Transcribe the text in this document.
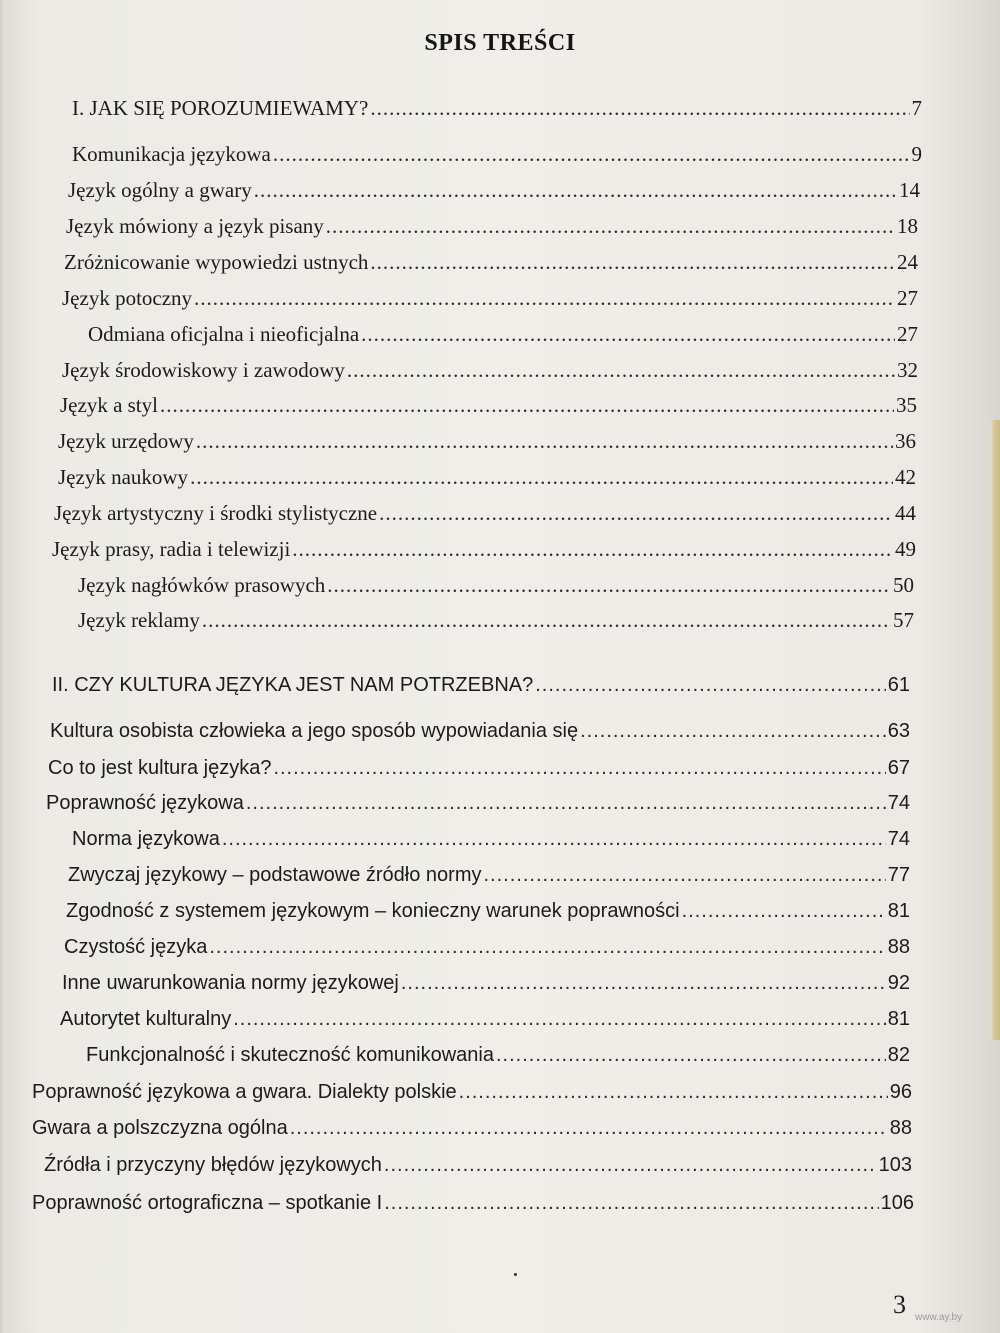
SPIS TREŚCI
I. JAK SIĘ POROZUMIEWAMY? .....	7
Komunikacja językowa .....	9
Język ogólny a gwary .....	14
Język mówiony a język pisany .....	18
Zróżnicowanie wypowiedzi ustnych .....	24
Język potoczny .....	27
Odmiana oficjalna i nieoficjalna .....	27
Język środowiskowy i zawodowy .....	32
Język a styl .....	35
Język urzędowy .....	36
Język naukowy .....	42
Język artystyczny i środki stylistyczne .....	44
Język prasy, radia i telewizji .....	49
Język nagłówków prasowych .....	50
Język reklamy .....	57
II. CZY KULTURA JĘZYKA JEST NAM POTRZEBNA? .....	61
Kultura osobista człowieka a jego sposób wypowiadania się .....	63
Co to jest kultura języka? .....	67
Poprawność językowa .....	74
Norma językowa .....	74
Zwyczaj językowy – podstawowe źródło normy .....	77
Zgodność z systemem językowym – konieczny warunek poprawności .....	81
Czystość języka .....	88
Inne uwarunkowania normy językowej .....	92
Autorytet kulturalny .....	81
Funkcjonalność i skuteczność komunikowania .....	82
Poprawność językowa a gwara. Dialekty polskie .....	96
Gwara a polszczyzna ogólna .....	88
Źródła i przyczyny błędów językowych .....	103
Poprawność ortograficzna – spotkanie I .....	106
3 www.ay.by
